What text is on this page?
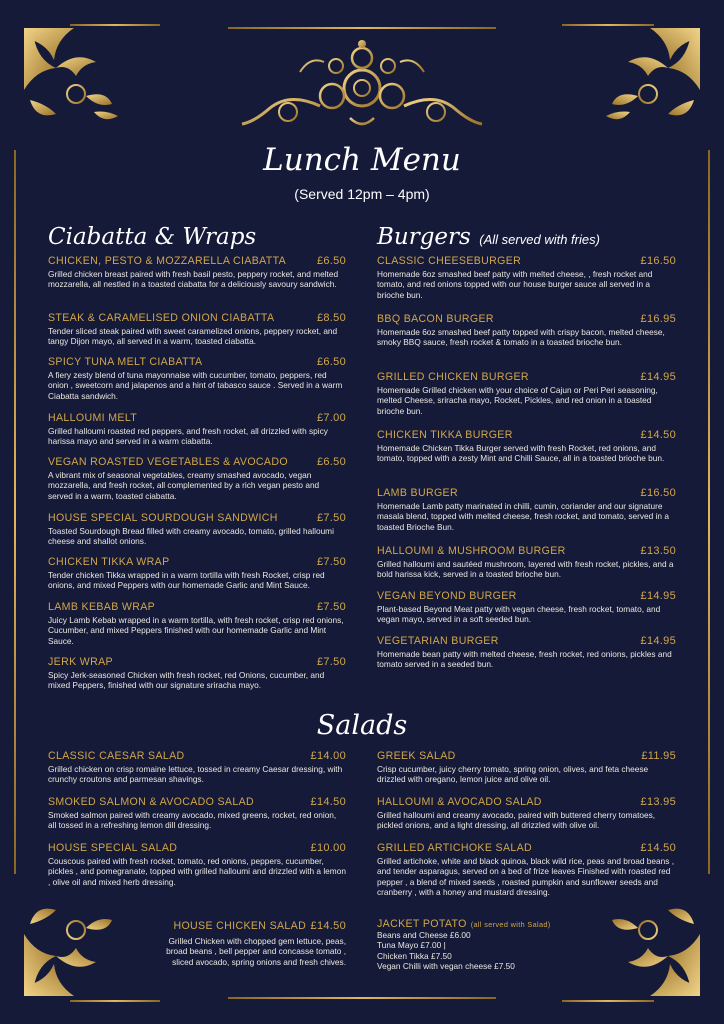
Lunch Menu
(Served 12pm – 4pm)
Ciabatta & Wraps
CHICKEN, PESTO & MOZZARELLA CIABATTA	£6.50
Grilled chicken breast paired with fresh basil pesto, peppery rocket, and melted mozzarella, all nestled in a toasted ciabatta for a deliciously savoury sandwich.
STEAK & CARAMELISED ONION CIABATTA	£8.50
Tender sliced steak paired with sweet caramelized onions, peppery rocket, and tangy Dijon mayo, all served in a warm, toasted ciabatta.
SPICY TUNA MELT CIABATTA	£6.50
A fiery zesty blend of tuna mayonnaise with cucumber, tomato, peppers, red onion , sweetcorn and jalapenos and a hint of tabasco sauce . Served in a warm Ciabatta sandwich.
HALLOUMI MELT	£7.00
Grilled halloumi roasted red peppers, and fresh rocket, all drizzled with spicy harissa mayo and served in a warm ciabatta.
VEGAN ROASTED VEGETABLES & AVOCADO	£6.50
A vibrant mix of seasonal vegetables, creamy smashed avocado, vegan mozzarella, and fresh rocket, all complemented by a rich vegan pesto and served in a warm, toasted ciabatta.
HOUSE SPECIAL SOURDOUGH SANDWICH	£7.50
Toasted Sourdough Bread filled with creamy avocado, tomato, grilled halloumi cheese and shallot onions.
CHICKEN TIKKA WRAP	£7.50
Tender chicken Tikka wrapped in a warm tortilla with fresh Rocket, crisp red onions, and mixed Peppers with our homemade Garlic and Mint Sauce.
LAMB KEBAB WRAP	£7.50
Juicy Lamb Kebab wrapped in a warm tortilla, with fresh rocket, crisp red onions, Cucumber, and mixed Peppers finished with our homemade Garlic and Mint Sauce.
JERK WRAP	£7.50
Spicy Jerk-seasoned Chicken with fresh rocket, red Onions, cucumber, and mixed Peppers, finished with our signature sriracha mayo.
Burgers (All served with fries)
CLASSIC CHEESEBURGER	£16.50
Homemade 6oz smashed beef patty with melted cheese, , fresh rocket and tomato, and red onions topped with our house burger sauce all served in a brioche bun.
BBQ BACON BURGER	£16.95
Homemade 6oz smashed beef patty topped with crispy bacon, melted cheese, smoky BBQ sauce, fresh rocket & tomato in a toasted brioche bun.
GRILLED CHICKEN BURGER	£14.95
Homemade Grilled chicken with your choice of Cajun or Peri Peri seasoning, melted Cheese, sriracha mayo, Rocket, Pickles, and red onion in a toasted brioche bun.
CHICKEN TIKKA BURGER	£14.50
Homemade Chicken Tikka Burger served with fresh Rocket, red onions, and tomato, topped with a zesty Mint and Chilli Sauce, all in a toasted brioche bun.
LAMB BURGER	£16.50
Homemade Lamb patty marinated in chilli, cumin, coriander and our signature masala blend, topped with melted cheese, fresh rocket, and tomato, served in a toasted Brioche Bun.
HALLOUMI & MUSHROOM BURGER	£13.50
Grilled halloumi and sautéed mushroom, layered with fresh rocket, pickles, and a bold harissa kick, served in a toasted brioche bun.
VEGAN BEYOND BURGER	£14.95
Plant-based Beyond Meat patty with vegan cheese, fresh rocket, tomato, and vegan mayo, served in a soft seeded bun.
VEGETARIAN BURGER	£14.95
Homemade bean patty with melted cheese, fresh rocket, red onions, pickles and tomato served in a seeded bun.
Salads
CLASSIC CAESAR SALAD	£14.00
Grilled chicken on crisp romaine lettuce, tossed in creamy Caesar dressing, with crunchy croutons and parmesan shavings.
SMOKED SALMON & AVOCADO SALAD	£14.50
Smoked salmon paired with creamy avocado, mixed greens, rocket, red onion, all tossed in a refreshing lemon dill dressing.
HOUSE SPECIAL SALAD	£10.00
Couscous paired with fresh rocket, tomato, red onions, peppers, cucumber, pickles , and pomegranate, topped with grilled halloumi and drizzled with a lemon , olive oil and mixed herb dressing.
HOUSE CHICKEN SALAD £14.50
Grilled Chicken with chopped gem lettuce, peas, broad beans , bell pepper and concasse tomato , sliced avocado, spring onions and fresh chives.
GREEK SALAD	£11.95
Crisp cucumber, juicy cherry tomato, spring onion, olives, and feta cheese drizzled with oregano, lemon juice and olive oil.
HALLOUMI & AVOCADO SALAD	£13.95
Grilled halloumi and creamy avocado, paired with buttered cherry tomatoes, pickled onions, and a light dressing, all drizzled with olive oil.
GRILLED ARTICHOKE SALAD	£14.50
Grilled artichoke, white and black quinoa, black wild rice, peas and broad beans , and tender asparagus, served on a bed of frize leaves Finished with roasted red pepper , a blend of mixed seeds , roasted pumpkin and sunflower seeds and cranberry , with a honey and mustard dressing.
JACKET POTATO (all served with Salad)
Beans and Cheese £6.00
Tuna Mayo £7.00 |
Chicken Tikka £7.50
Vegan Chilli with vegan cheese £7.50
